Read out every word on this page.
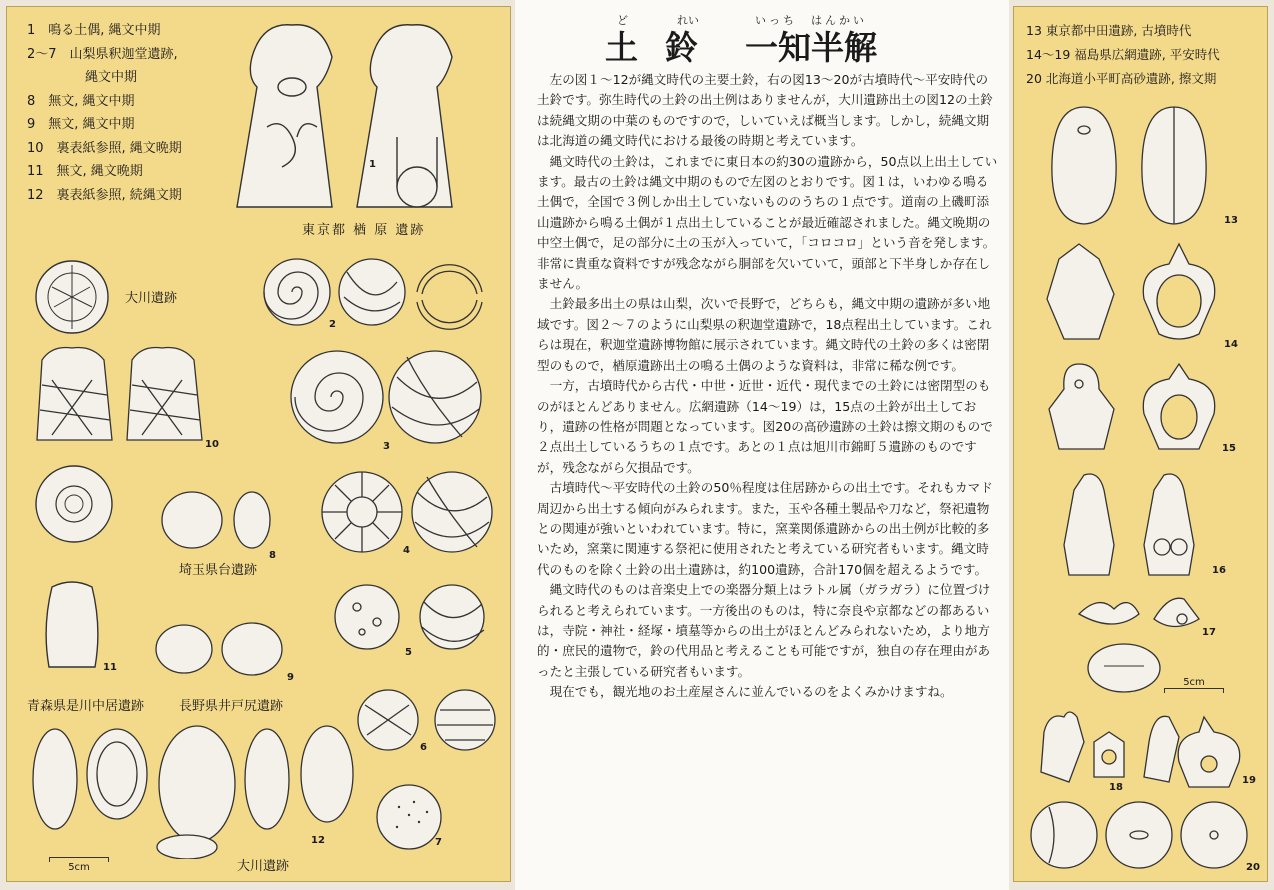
1　鳴る土偶, 縄文中期
2～7　山梨県釈迦堂遺跡,
縄文中期
8　無文, 縄文中期
9　無文, 縄文中期
10　裏表紙参照, 縄文晩期
11　無文, 縄文晩期
12　裏表紙参照, 続縄文期
1
東京都 楢 原 遺跡
大川遺跡
2
10	3
8
埼玉県台遺跡
4
11
9
5
青森県是川中居遺跡	長野県井戸尻遺跡
6
12
大川遺跡
7
5cm
ど
土
れい
鈴
いっち　はんかい
一知半解

左の図１～12が縄文時代の主要土鈴，右の図13～20が古墳時代～平安時代の土鈴です。弥生時代の土鈴の出土例はありませんが，大川遺跡出土の図12の土鈴は続縄文期の中葉のものですので，しいていえば概当します。しかし，続縄文期は北海道の縄文時代における最後の時期と考えています。

縄文時代の土鈴は，これまでに東日本の約30の遺跡から，50点以上出土しています。最古の土鈴は縄文中期のもので左図のとおりです。図１は，いわゆる鳴る土偶で，全国で３例しか出土していないもののうちの１点です。道南の上磯町添山遺跡から鳴る土偶が１点出土していることが最近確認されました。縄文晩期の中空土偶で，足の部分に土の玉が入っていて，「コロコロ」という音を発します。非常に貴重な資料ですが残念ながら胴部を欠いていて，頭部と下半身しか存在しません。

土鈴最多出土の県は山梨，次いで長野で，どちらも，縄文中期の遺跡が多い地域です。図２～７のように山梨県の釈迦堂遺跡で，18点程出土しています。これらは現在，釈迦堂遺跡博物館に展示されています。縄文時代の土鈴の多くは密閉型のもので，楢原遺跡出土の鳴る土偶のような資料は，非常に稀な例です。

一方，古墳時代から古代・中世・近世・近代・現代までの土鈴には密閉型のものがほとんどありません。広網遺跡（14～19）は，15点の土鈴が出土しており，遺跡の性格が問題となっています。図20の高砂遺跡の土鈴は擦文期のもので２点出土しているうちの１点です。あとの１点は旭川市錦町５遺跡のものですが，残念ながら欠損品です。

古墳時代～平安時代の土鈴の50％程度は住居跡からの出土です。それもカマド周辺から出土する傾向がみられます。また，玉や各種土製品や刀など，祭祀遺物との関連が強いといわれています。特に，窯業関係遺跡からの出土例が比較的多いため，窯業に関連する祭祀に使用されたと考えている研究者もいます。縄文時代のものを除く土鈴の出土遺跡は，約100遺跡，合計170個を超えるようです。

縄文時代のものは音楽史上での楽器分類上はラトル属（ガラガラ）に位置づけられると考えられています。一方後出のものは，特に奈良や京都などの都あるいは，寺院・神社・経塚・墳墓等からの出土がほとんどみられないため，より地方的・庶民的遺物で，鈴の代用品と考えることも可能ですが，独自の存在理由があったと主張している研究者もいます。

現在でも，観光地のお土産屋さんに並んでいるのをよくみかけますね。

13 東京都中田遺跡, 古墳時代
14～19 福島県広網遺跡, 平安時代
20 北海道小平町高砂遺跡, 擦文期
13
14
15
16
17
5cm
18
19
20
